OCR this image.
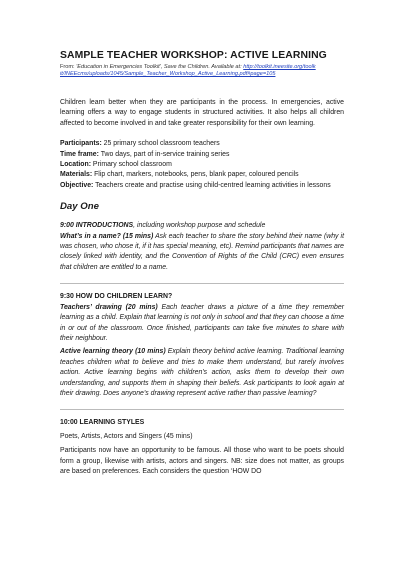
SAMPLE TEACHER WORKSHOP: ACTIVE LEARNING
From: 'Education in Emergencies Toolkit', Save the Children. Available at: http://toolkit.ineesite.org/toolk
it/INEEcms/uploads/1045/Sample_Teacher_Workshop_Active_Learning.pdf#page=105

Children learn better when they are participants in the process. In emergencies, active learning offers a way to engage students in structured activities. It also helps all children affected to become involved in and take greater responsibility for their own learning.

Participants: 25 primary school classroom teachers
Time frame: Two days, part of in-service training series
Location: Primary school classroom
Materials: Flip chart, markers, notebooks, pens, blank paper, coloured pencils
Objective: Teachers create and practise using child-centred learning activities in lessons
Day One

9:00 INTRODUCTIONS, including workshop purpose and schedule

What’s in a name? (15 mins) Ask each teacher to share the story behind their name (why it was chosen, who chose it, if it has special meaning, etc). Remind participants that names are closely linked with identity, and the Convention of Rights of the Child (CRC) even ensures that children are entitled to a name.

9:30 HOW DO CHILDREN LEARN?

Teachers’ drawing (20 mins) Each teacher draws a picture of a time they remember learning as a child. Explain that learning is not only in school and that they can choose a time in or out of the classroom. Once finished, participants can take five minutes to share with their neighbour.

Active learning theory (10 mins) Explain theory behind active learning. Traditional learning teaches children what to believe and tries to make them understand, but rarely involves action. Active learning begins with children’s action, asks them to develop their own understanding, and supports them in shaping their beliefs. Ask participants to look again at their drawing. Does anyone’s drawing represent active rather than passive learning?

10:00 LEARNING STYLES

Poets, Artists, Actors and Singers (45 mins)

Participants now have an opportunity to be famous. All those who want to be poets should form a group, likewise with artists, actors and singers. NB: size does not matter, as groups are based on preferences. Each considers the question ‘HOW DO
